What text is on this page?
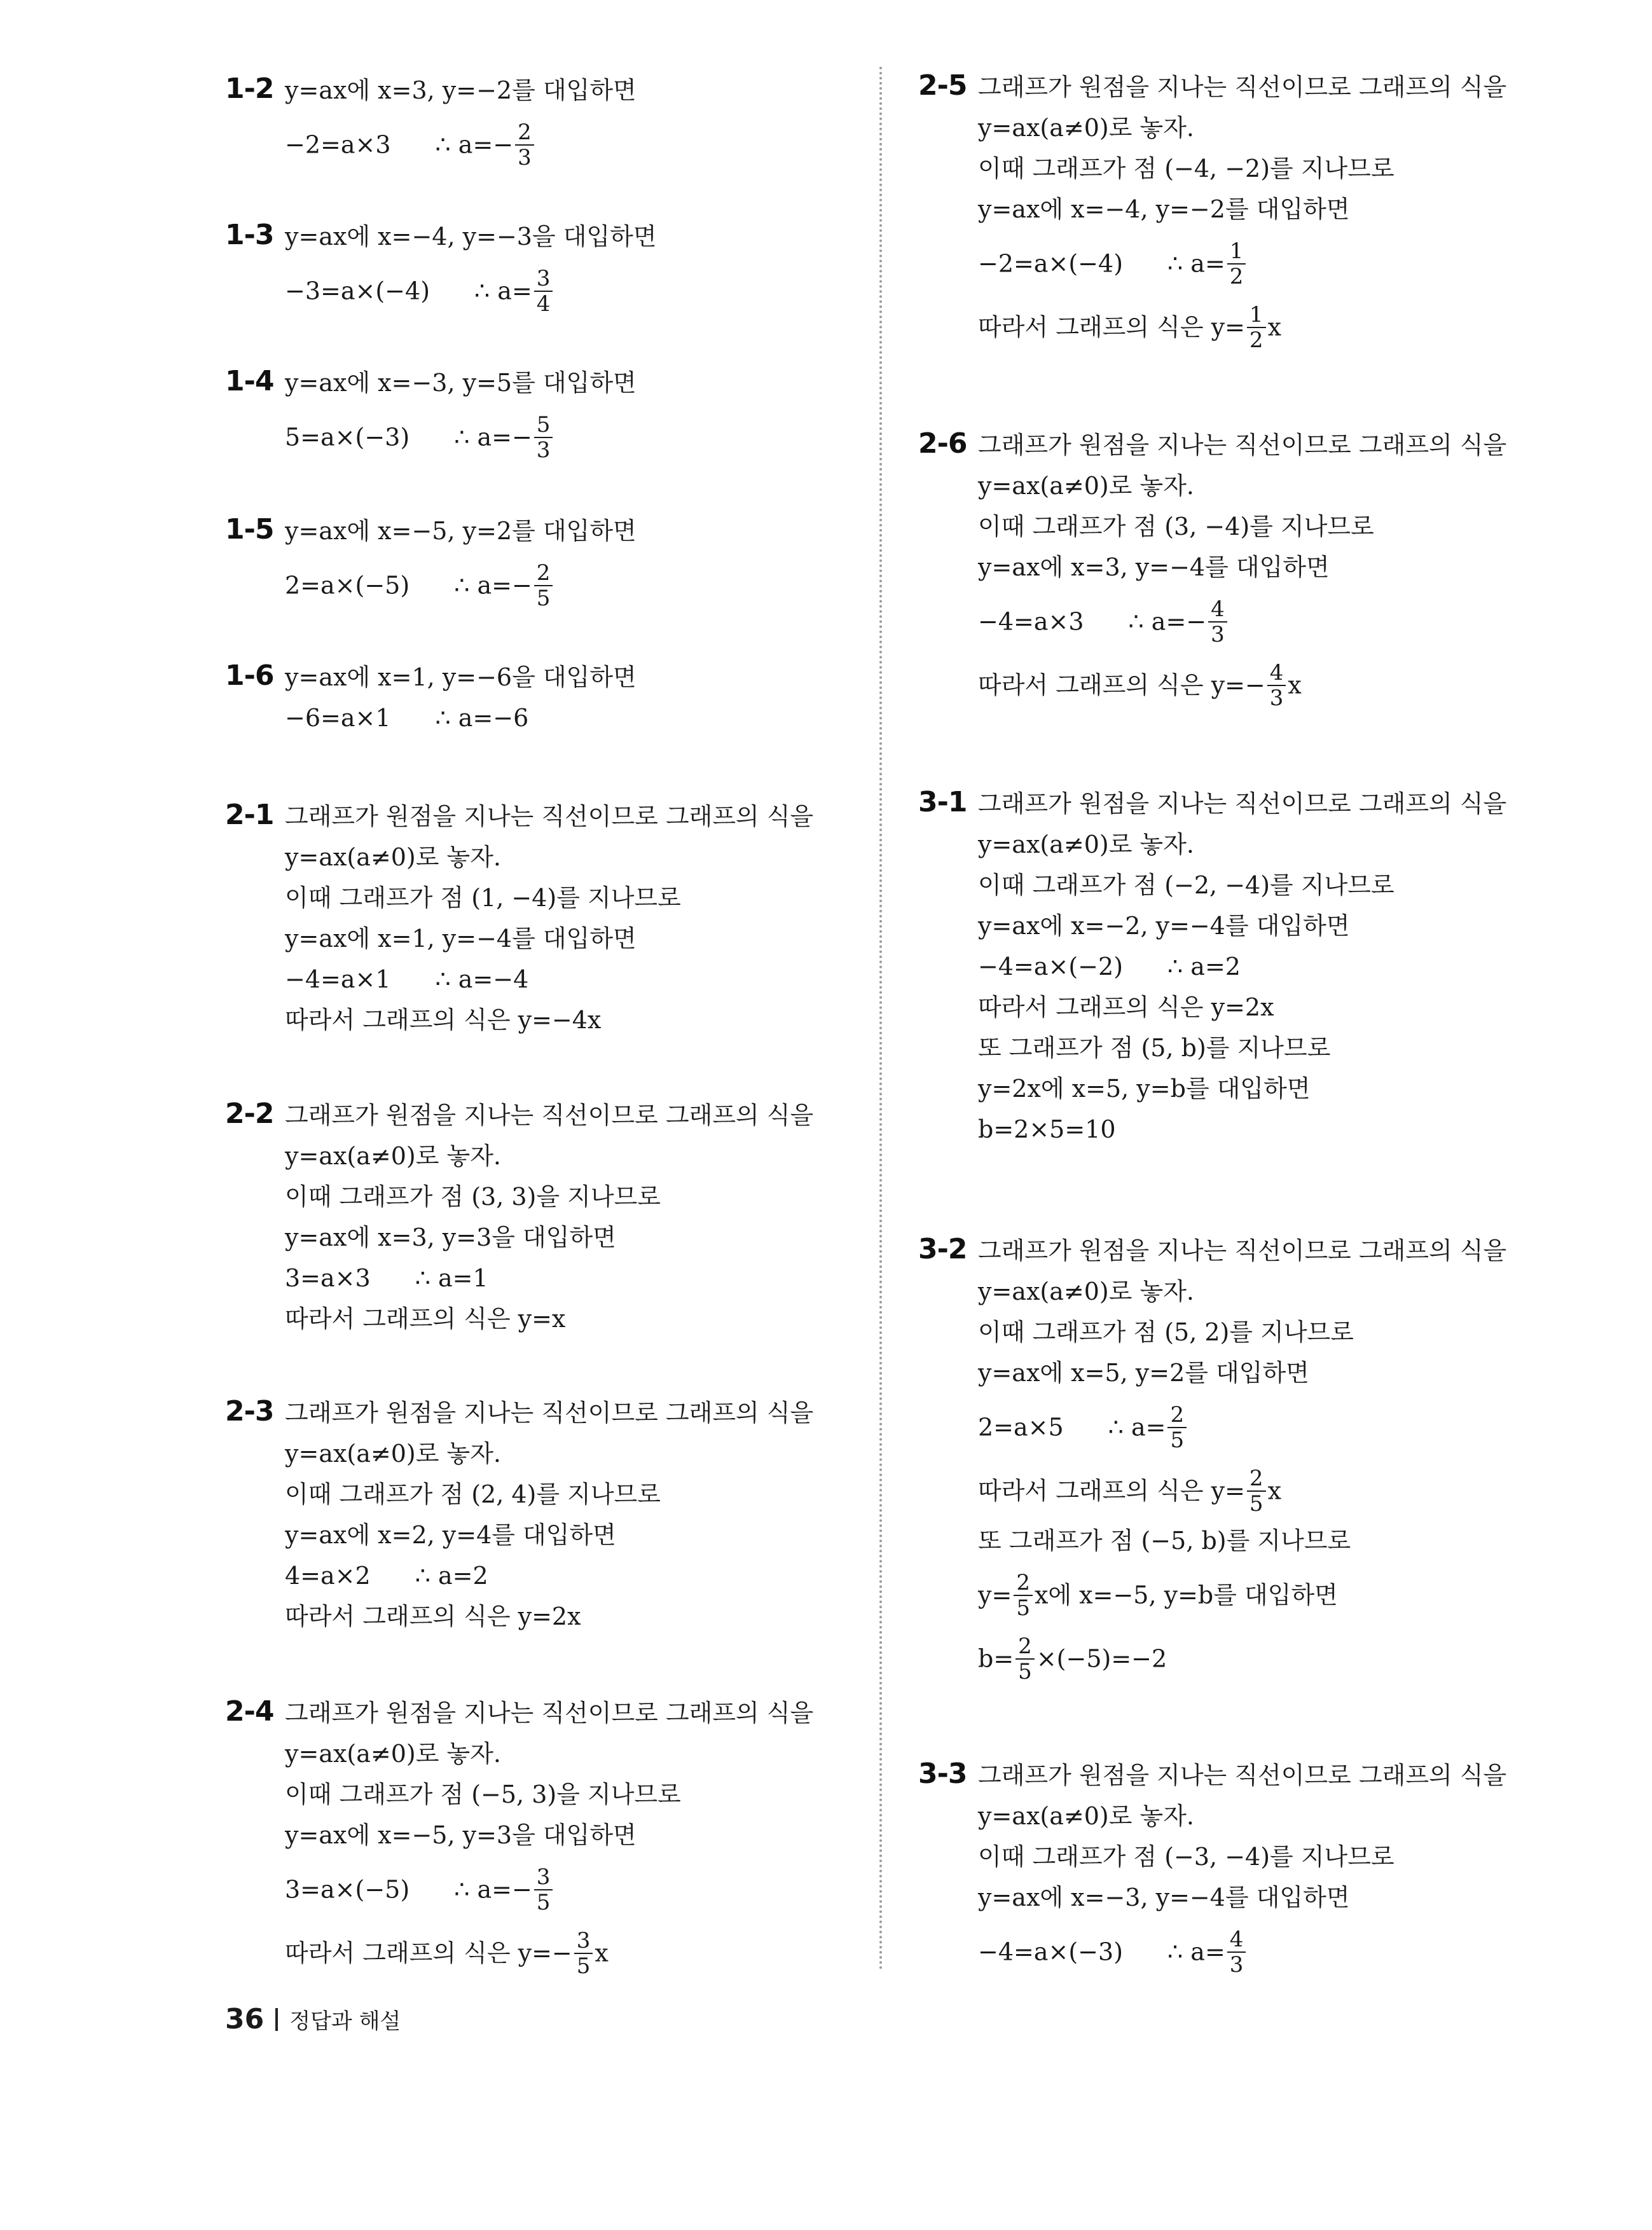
1-2 y=ax에 x=3, y=−2를 대입하면
−2=a×3 ∴ $a=- \frac{2}{3}$
1-3 y=ax에 x=−4, y=−3을 대입하면
−3=a×(−4) ∴ $a= \frac{3}{4}$
1-4 y=ax에 x=−3, y=5를 대입하면
5=a×(−3) ∴ $a=- \frac{5}{3}$
1-5 y=ax에 x=−5, y=2를 대입하면
2=a×(−5) ∴ $a=- \frac{2}{5}$
1-6 y=ax에 x=1, y=−6을 대입하면
−6=a×1 ∴ a=−6
2-1 그래프가 원점을 지나는 직선이므로 그래프의 식을
y=ax(a≠0)로 놓자.
이때 그래프가 점 (1, −4)를 지나므로
y=ax에 x=1, y=−4를 대입하면
−4=a×1 ∴ a=−4
따라서 그래프의 식은 y=−4x
2-2 그래프가 원점을 지나는 직선이므로 그래프의 식을
y=ax(a≠0)로 놓자.
이때 그래프가 점 (3, 3)을 지나므로
y=ax에 x=3, y=3을 대입하면
3=a×3 ∴ a=1
따라서 그래프의 식은 y=x
2-3 그래프가 원점을 지나는 직선이므로 그래프의 식을
y=ax(a≠0)로 놓자.
이때 그래프가 점 (2, 4)를 지나므로
y=ax에 x=2, y=4를 대입하면
4=a×2 ∴ a=2
따라서 그래프의 식은 y=2x
2-4 그래프가 원점을 지나는 직선이므로 그래프의 식을
y=ax(a≠0)로 놓자.
이때 그래프가 점 (−5, 3)을 지나므로
y=ax에 x=−5, y=3을 대입하면
3=a×(−5) ∴ $a=- \frac{3}{5}$
따라서 그래프의 식은 $y=- \frac{3}{5}$ x
2-5 그래프가 원점을 지나는 직선이므로 그래프의 식을
y=ax(a≠0)로 놓자.
이때 그래프가 점 (−4, −2)를 지나므로
y=ax에 x=−4, y=−2를 대입하면
−2=a×(−4) ∴ $a= \frac{1}{2}$
따라서 그래프의 식은 $y= \frac{1}{2}$ x
2-6 그래프가 원점을 지나는 직선이므로 그래프의 식을
y=ax(a≠0)로 놓자.
이때 그래프가 점 (3, −4)를 지나므로
y=ax에 x=3, y=−4를 대입하면
−4=a×3 ∴ $a=- \frac{4}{3}$
따라서 그래프의 식은 $y=- \frac{4}{3}$ x
3-1 그래프가 원점을 지나는 직선이므로 그래프의 식을
y=ax(a≠0)로 놓자.
이때 그래프가 점 (−2, −4)를 지나므로
y=ax에 x=−2, y=−4를 대입하면
−4=a×(−2) ∴ a=2
따라서 그래프의 식은 y=2x
또 그래프가 점 (5, b)를 지나므로
y=2x에 x=5, y=b를 대입하면
b=2×5=10
3-2 그래프가 원점을 지나는 직선이므로 그래프의 식을
y=ax(a≠0)로 놓자.
이때 그래프가 점 (5, 2)를 지나므로
y=ax에 x=5, y=2를 대입하면
2=a×5 ∴ $a= \frac{2}{5}$
따라서 그래프의 식은 $y= \frac{2}{5}$ x
또 그래프가 점 (−5, b)를 지나므로
$y= \frac{2}{5}$ x에 x=−5, y=b를 대입하면
$b= \frac{2}{5} \times(-5)=-2$
3-3 그래프가 원점을 지나는 직선이므로 그래프의 식을
y=ax(a≠0)로 놓자.
이때 그래프가 점 (−3, −4)를 지나므로
y=ax에 x=−3, y=−4를 대입하면
−4=a×(−3) ∴ $a= \frac{4}{3}$
36 정답과 해설
